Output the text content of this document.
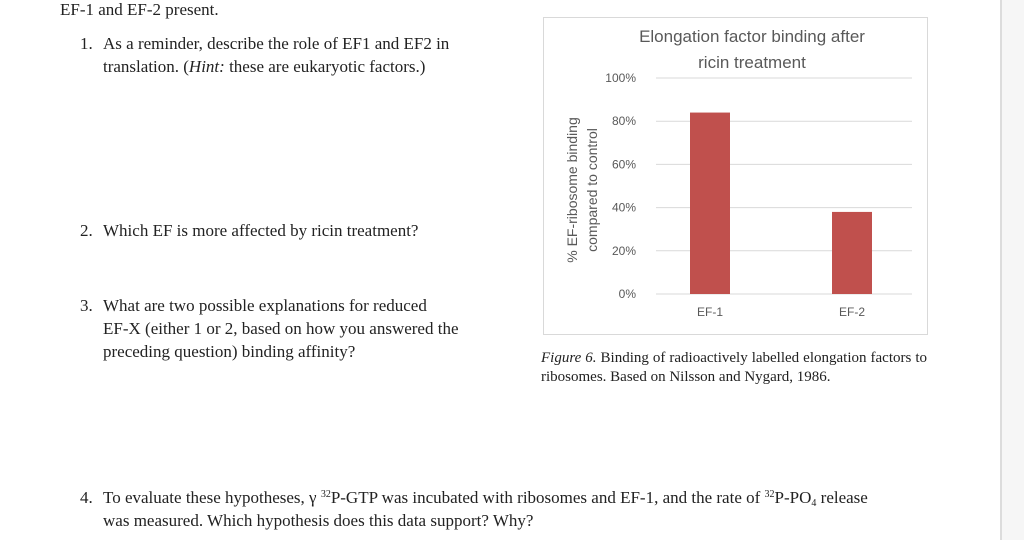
EF-1 and EF-2 present.
1. As a reminder, describe the role of EF1 and EF2 in
translation. (Hint: these are eukaryotic factors.)
2. Which EF is more affected by ricin treatment?
3. What are two possible explanations for reduced
EF-X (either 1 or 2, based on how you answered the
preceding question) binding affinity?
Elongation factor binding after
ricin treatment
% EF-ribosome binding compared to control
0%
20%
40%
60%
80%
100%
EF-1	EF-2
Figure 6. Binding of radioactively labelled elongation factors to ribosomes. Based on Nilsson and Nygard, 1986.
4. To evaluate these hypotheses, γ $^{32}$P-GTP was incubated with ribosomes and EF-1, and the rate of $^{32}P-PO_4$ release
was measured. Which hypothesis does this data support? Why?
